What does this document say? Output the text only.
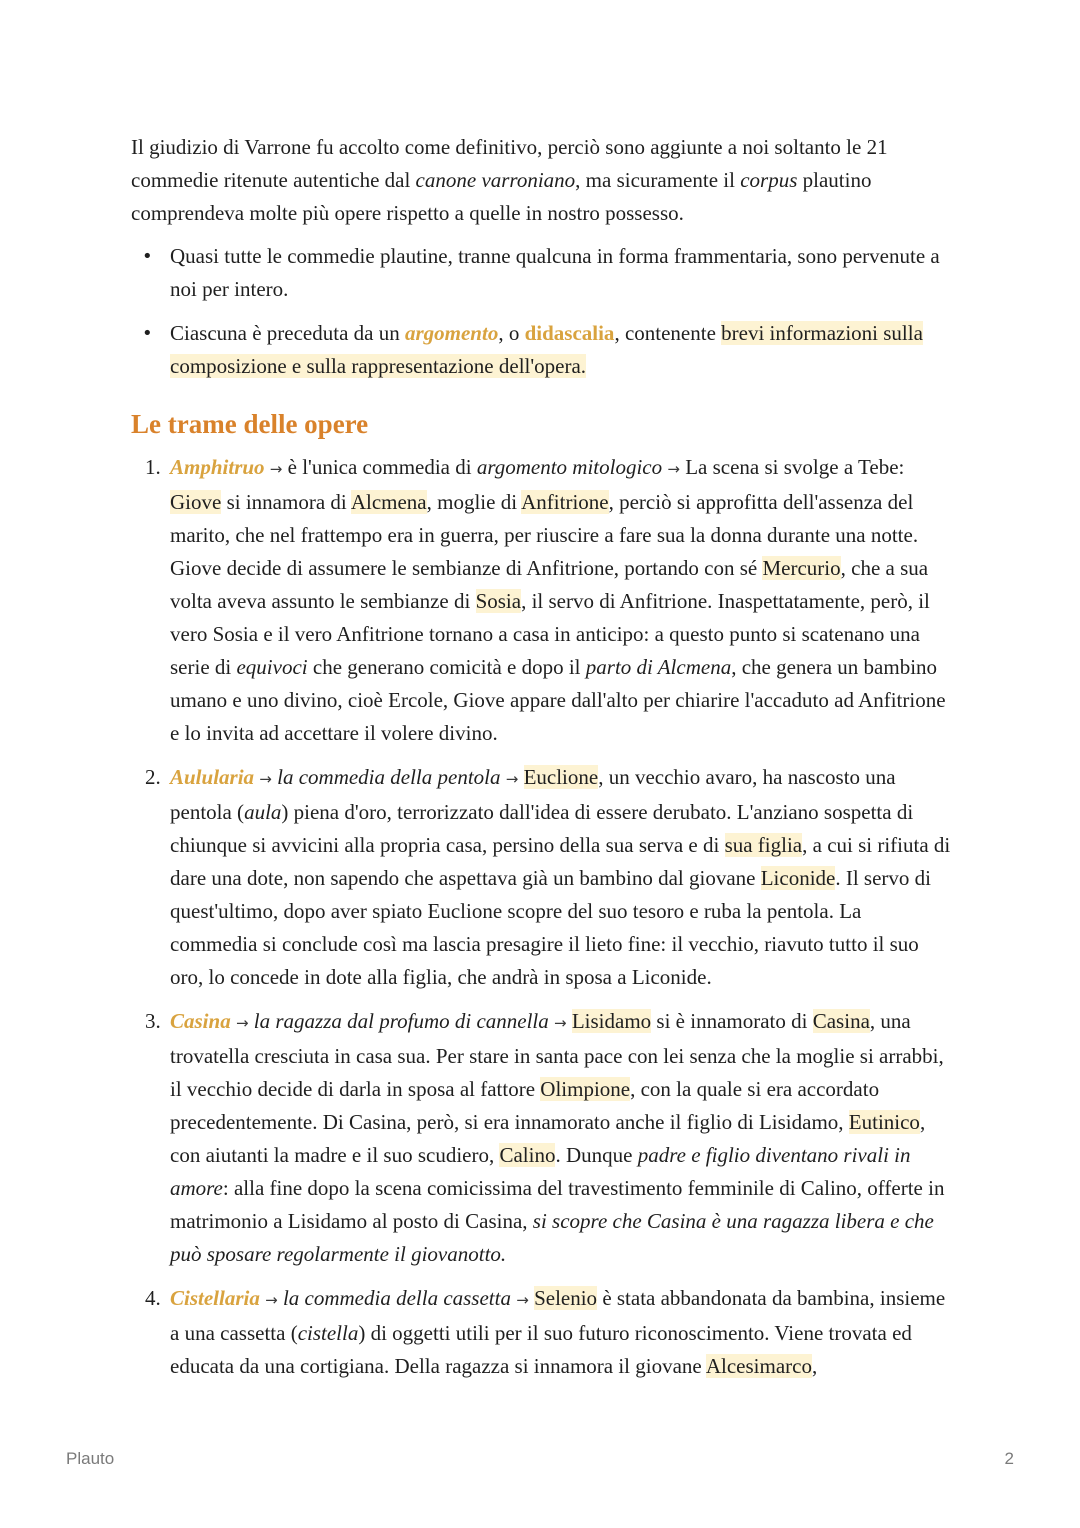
Il giudizio di Varrone fu accolto come definitivo, perciò sono aggiunte a noi soltanto le 21 commedie ritenute autentiche dal canone varroniano, ma sicuramente il corpus plautino comprendeva molte più opere rispetto a quelle in nostro possesso.

• Quasi tutte le commedie plautine, tranne qualcuna in forma frammentaria, sono pervenute a noi per intero.
• Ciascuna è preceduta da un argomento, o didascalia, contenente brevi informazioni sulla composizione e sulla rappresentazione dell'opera.
Le trame delle opere
1. Amphitruo → è l'unica commedia di argomento mitologico → La scena si svolge a Tebe: Giove si innamora di Alcmena, moglie di Anfitrione, perciò si approfitta dell'assenza del marito, che nel frattempo era in guerra, per riuscire a fare sua la donna durante una notte. Giove decide di assumere le sembianze di Anfitrione, portando con sé Mercurio, che a sua volta aveva assunto le sembianze di Sosia, il servo di Anfitrione. Inaspettatamente, però, il vero Sosia e il vero Anfitrione tornano a casa in anticipo: a questo punto si scatenano una serie di equivoci che generano comicità e dopo il parto di Alcmena, che genera un bambino umano e uno divino, cioè Ercole, Giove appare dall'alto per chiarire l'accaduto ad Anfitrione e lo invita ad accettare il volere divino.
2. Aulularia → la commedia della pentola → Euclione, un vecchio avaro, ha nascosto una pentola (aula) piena d'oro, terrorizzato dall'idea di essere derubato. L'anziano sospetta di chiunque si avvicini alla propria casa, persino della sua serva e di sua figlia, a cui si rifiuta di dare una dote, non sapendo che aspettava già un bambino dal giovane Liconide. Il servo di quest'ultimo, dopo aver spiato Euclione scopre del suo tesoro e ruba la pentola. La commedia si conclude così ma lascia presagire il lieto fine: il vecchio, riavuto tutto il suo oro, lo concede in dote alla figlia, che andrà in sposa a Liconide.
3. Casina → la ragazza dal profumo di cannella → Lisidamo si è innamorato di Casina, una trovatella cresciuta in casa sua. Per stare in santa pace con lei senza che la moglie si arrabbi, il vecchio decide di darla in sposa al fattore Olimpione, con la quale si era accordato precedentemente. Di Casina, però, si era innamorato anche il figlio di Lisidamo, Eutinico, con aiutanti la madre e il suo scudiero, Calino. Dunque padre e figlio diventano rivali in amore: alla fine dopo la scena comicissima del travestimento femminile di Calino, offerte in matrimonio a Lisidamo al posto di Casina, si scopre che Casina è una ragazza libera e che può sposare regolarmente il giovanotto.
4. Cistellaria → la commedia della cassetta → Selenio è stata abbandonata da bambina, insieme a una cassetta (cistella) di oggetti utili per il suo futuro riconoscimento. Viene trovata ed educata da una cortigiana. Della ragazza si innamora il giovane Alcesimarco,
Plauto	2
